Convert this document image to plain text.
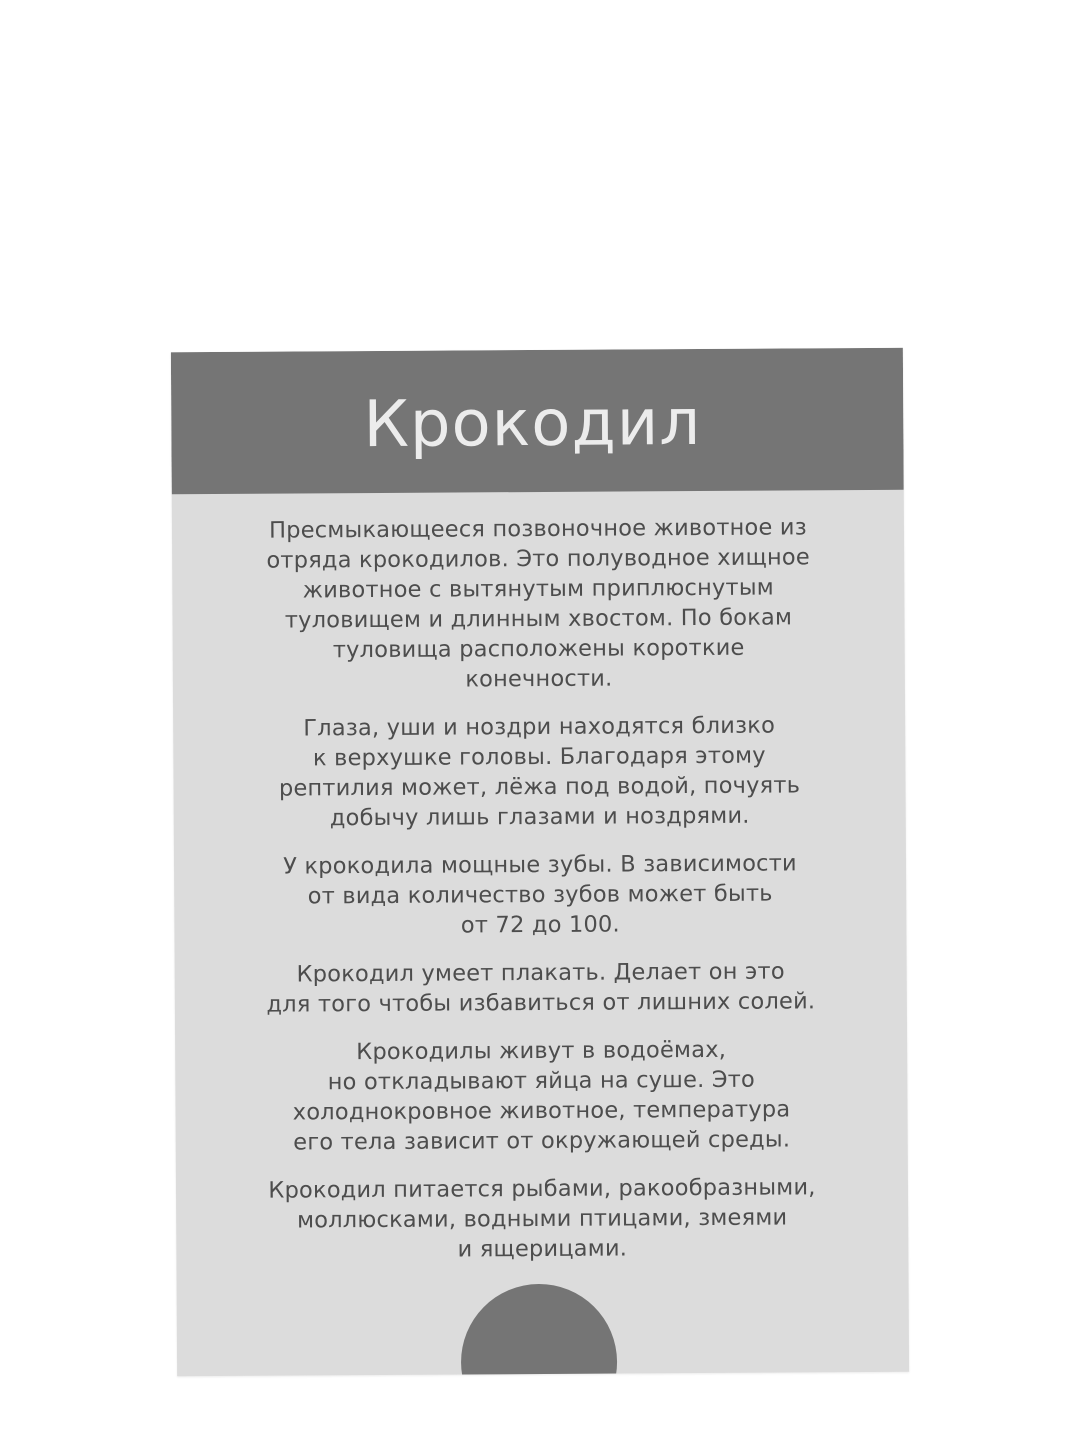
Крокодил
Пресмыкающееся позвоночное животное из
отряда крокодилов. Это полуводное хищное
животное с вытянутым приплюснутым
туловищем и длинным хвостом. По бокам
туловища расположены короткие
конечности.
Глаза, уши и ноздри находятся близко
к верхушке головы. Благодаря этому
рептилия может, лёжа под водой, почуять
добычу лишь глазами и ноздрями.
У крокодила мощные зубы. В зависимости
от вида количество зубов может быть
от 72 до 100.
Крокодил умеет плакать. Делает он это
для того чтобы избавиться от лишних солей.
Крокодилы живут в водоёмах,
но откладывают яйца на суше. Это
холоднокровное животное, температура
его тела зависит от окружающей среды.
Крокодил питается рыбами, ракообразными,
моллюсками, водными птицами, змеями
и ящерицами.
